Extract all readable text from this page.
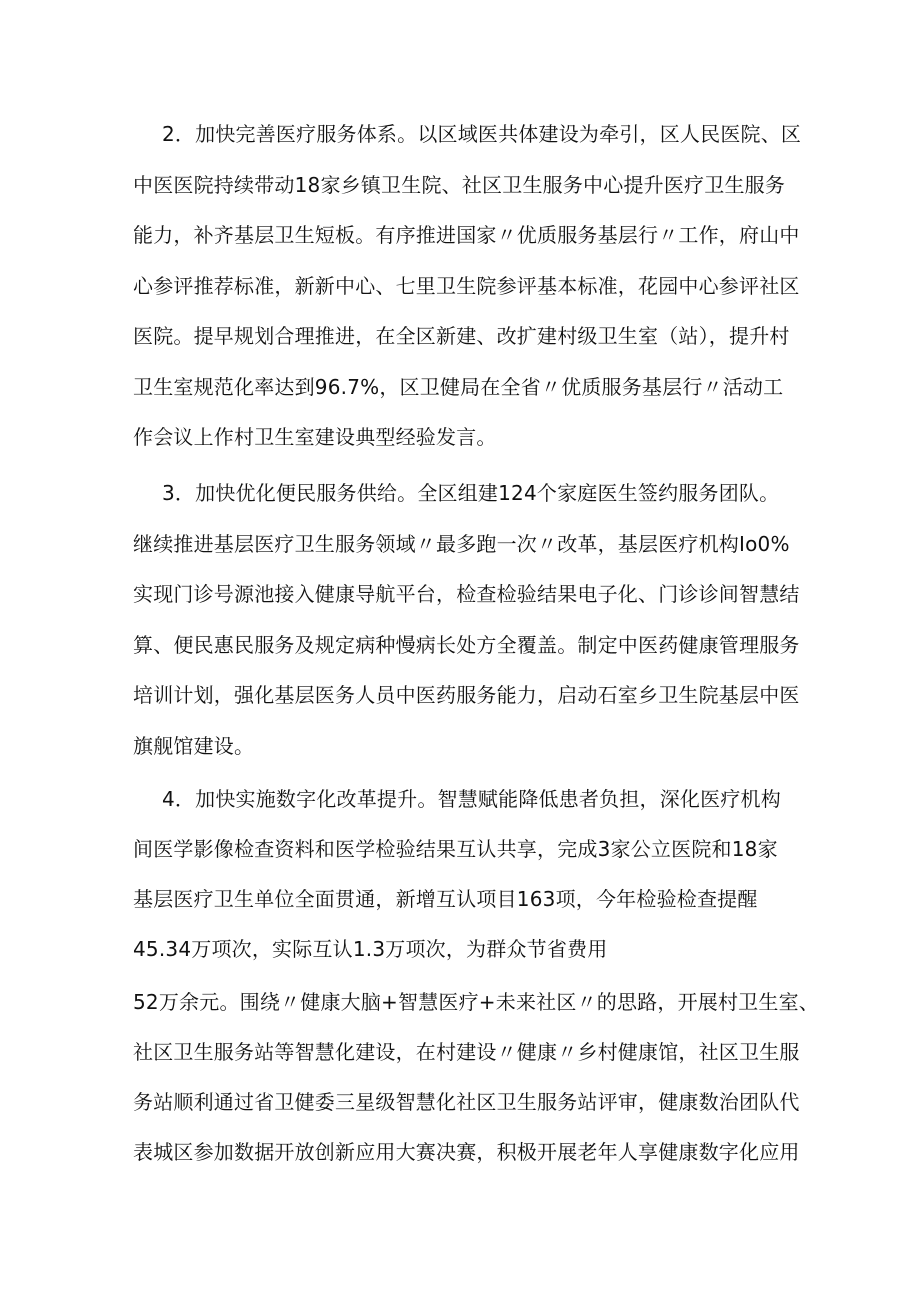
2．加快完善医疗服务体系。以区域医共体建设为牵引，区人民医院、区
中医医院持续带动18家乡镇卫生院、社区卫生服务中心提升医疗卫生服务
能力，补齐基层卫生短板。有序推进国家〃优质服务基层行〃工作，府山中
心参评推荐标准，新新中心、七里卫生院参评基本标准，花园中心参评社区
医院。提早规划合理推进，在全区新建、改扩建村级卫生室（站），提升村
卫生室规范化率达到96.7%，区卫健局在全省〃优质服务基层行〃活动工
作会议上作村卫生室建设典型经验发言。
3．加快优化便民服务供给。全区组建124个家庭医生签约服务团队。
继续推进基层医疗卫生服务领域〃最多跑一次〃改革，基层医疗机构Io0%
实现门诊号源池接入健康导航平台，检查检验结果电子化、门诊诊间智慧结
算、便民惠民服务及规定病种慢病长处方全覆盖。制定中医药健康管理服务
培训计划，强化基层医务人员中医药服务能力，启动石室乡卫生院基层中医
旗舰馆建设。
4．加快实施数字化改革提升。智慧赋能降低患者负担，深化医疗机构
间医学影像检查资料和医学检验结果互认共享，完成3家公立医院和18家
基层医疗卫生单位全面贯通，新增互认项目163项，今年检验检查提醒
45.34万项次，实际互认1.3万项次，为群众节省费用
52万余元。围绕〃健康大脑+智慧医疗+未来社区〃的思路，开展村卫生室、
社区卫生服务站等智慧化建设，在村建设〃健康〃乡村健康馆，社区卫生服
务站顺利通过省卫健委三星级智慧化社区卫生服务站评审，健康数治团队代
表城区参加数据开放创新应用大赛决赛，积极开展老年人享健康数字化应用
